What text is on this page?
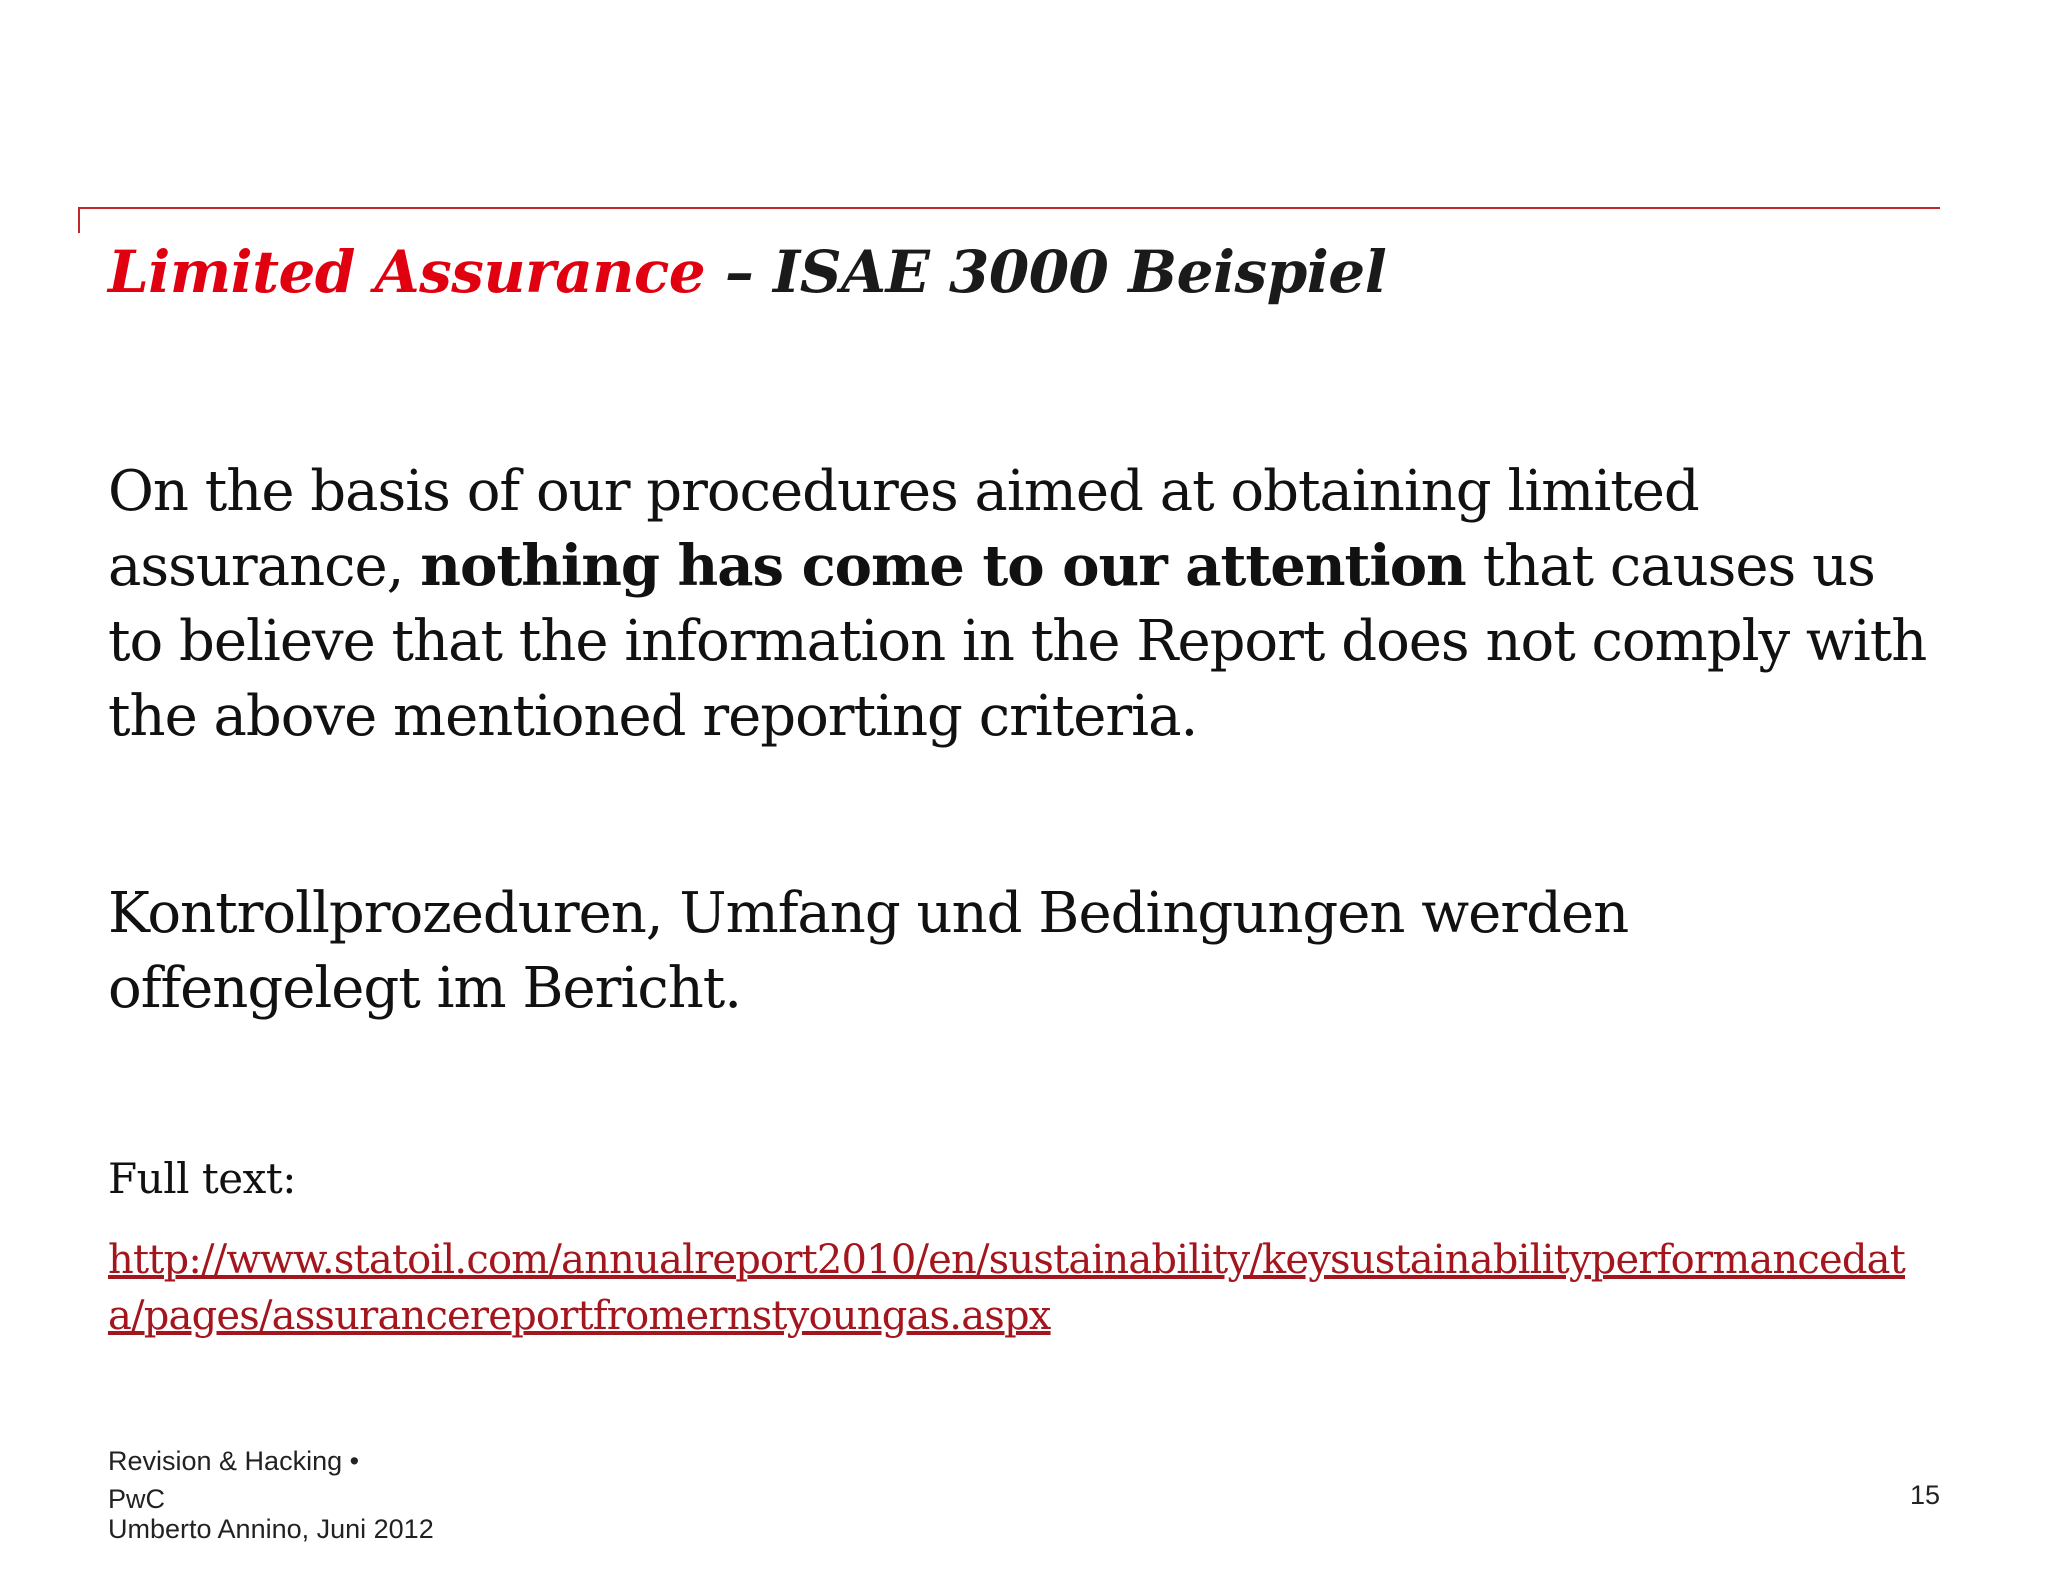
Limited Assurance – ISAE 3000 Beispiel
On the basis of our procedures aimed at obtaining limited assurance, nothing has come to our attention that causes us to believe that the information in the Report does not comply with the above mentioned reporting criteria.
Kontrollprozeduren, Umfang und Bedingungen werden offengelegt im Bericht.
Full text:
http://www.statoil.com/annualreport2010/en/sustainability/keysustainabilityperformancedata/pages/assurancereportfromernstyoungas.aspx
Revision & Hacking •
PwC
Umberto Annino, Juni 2012
15
